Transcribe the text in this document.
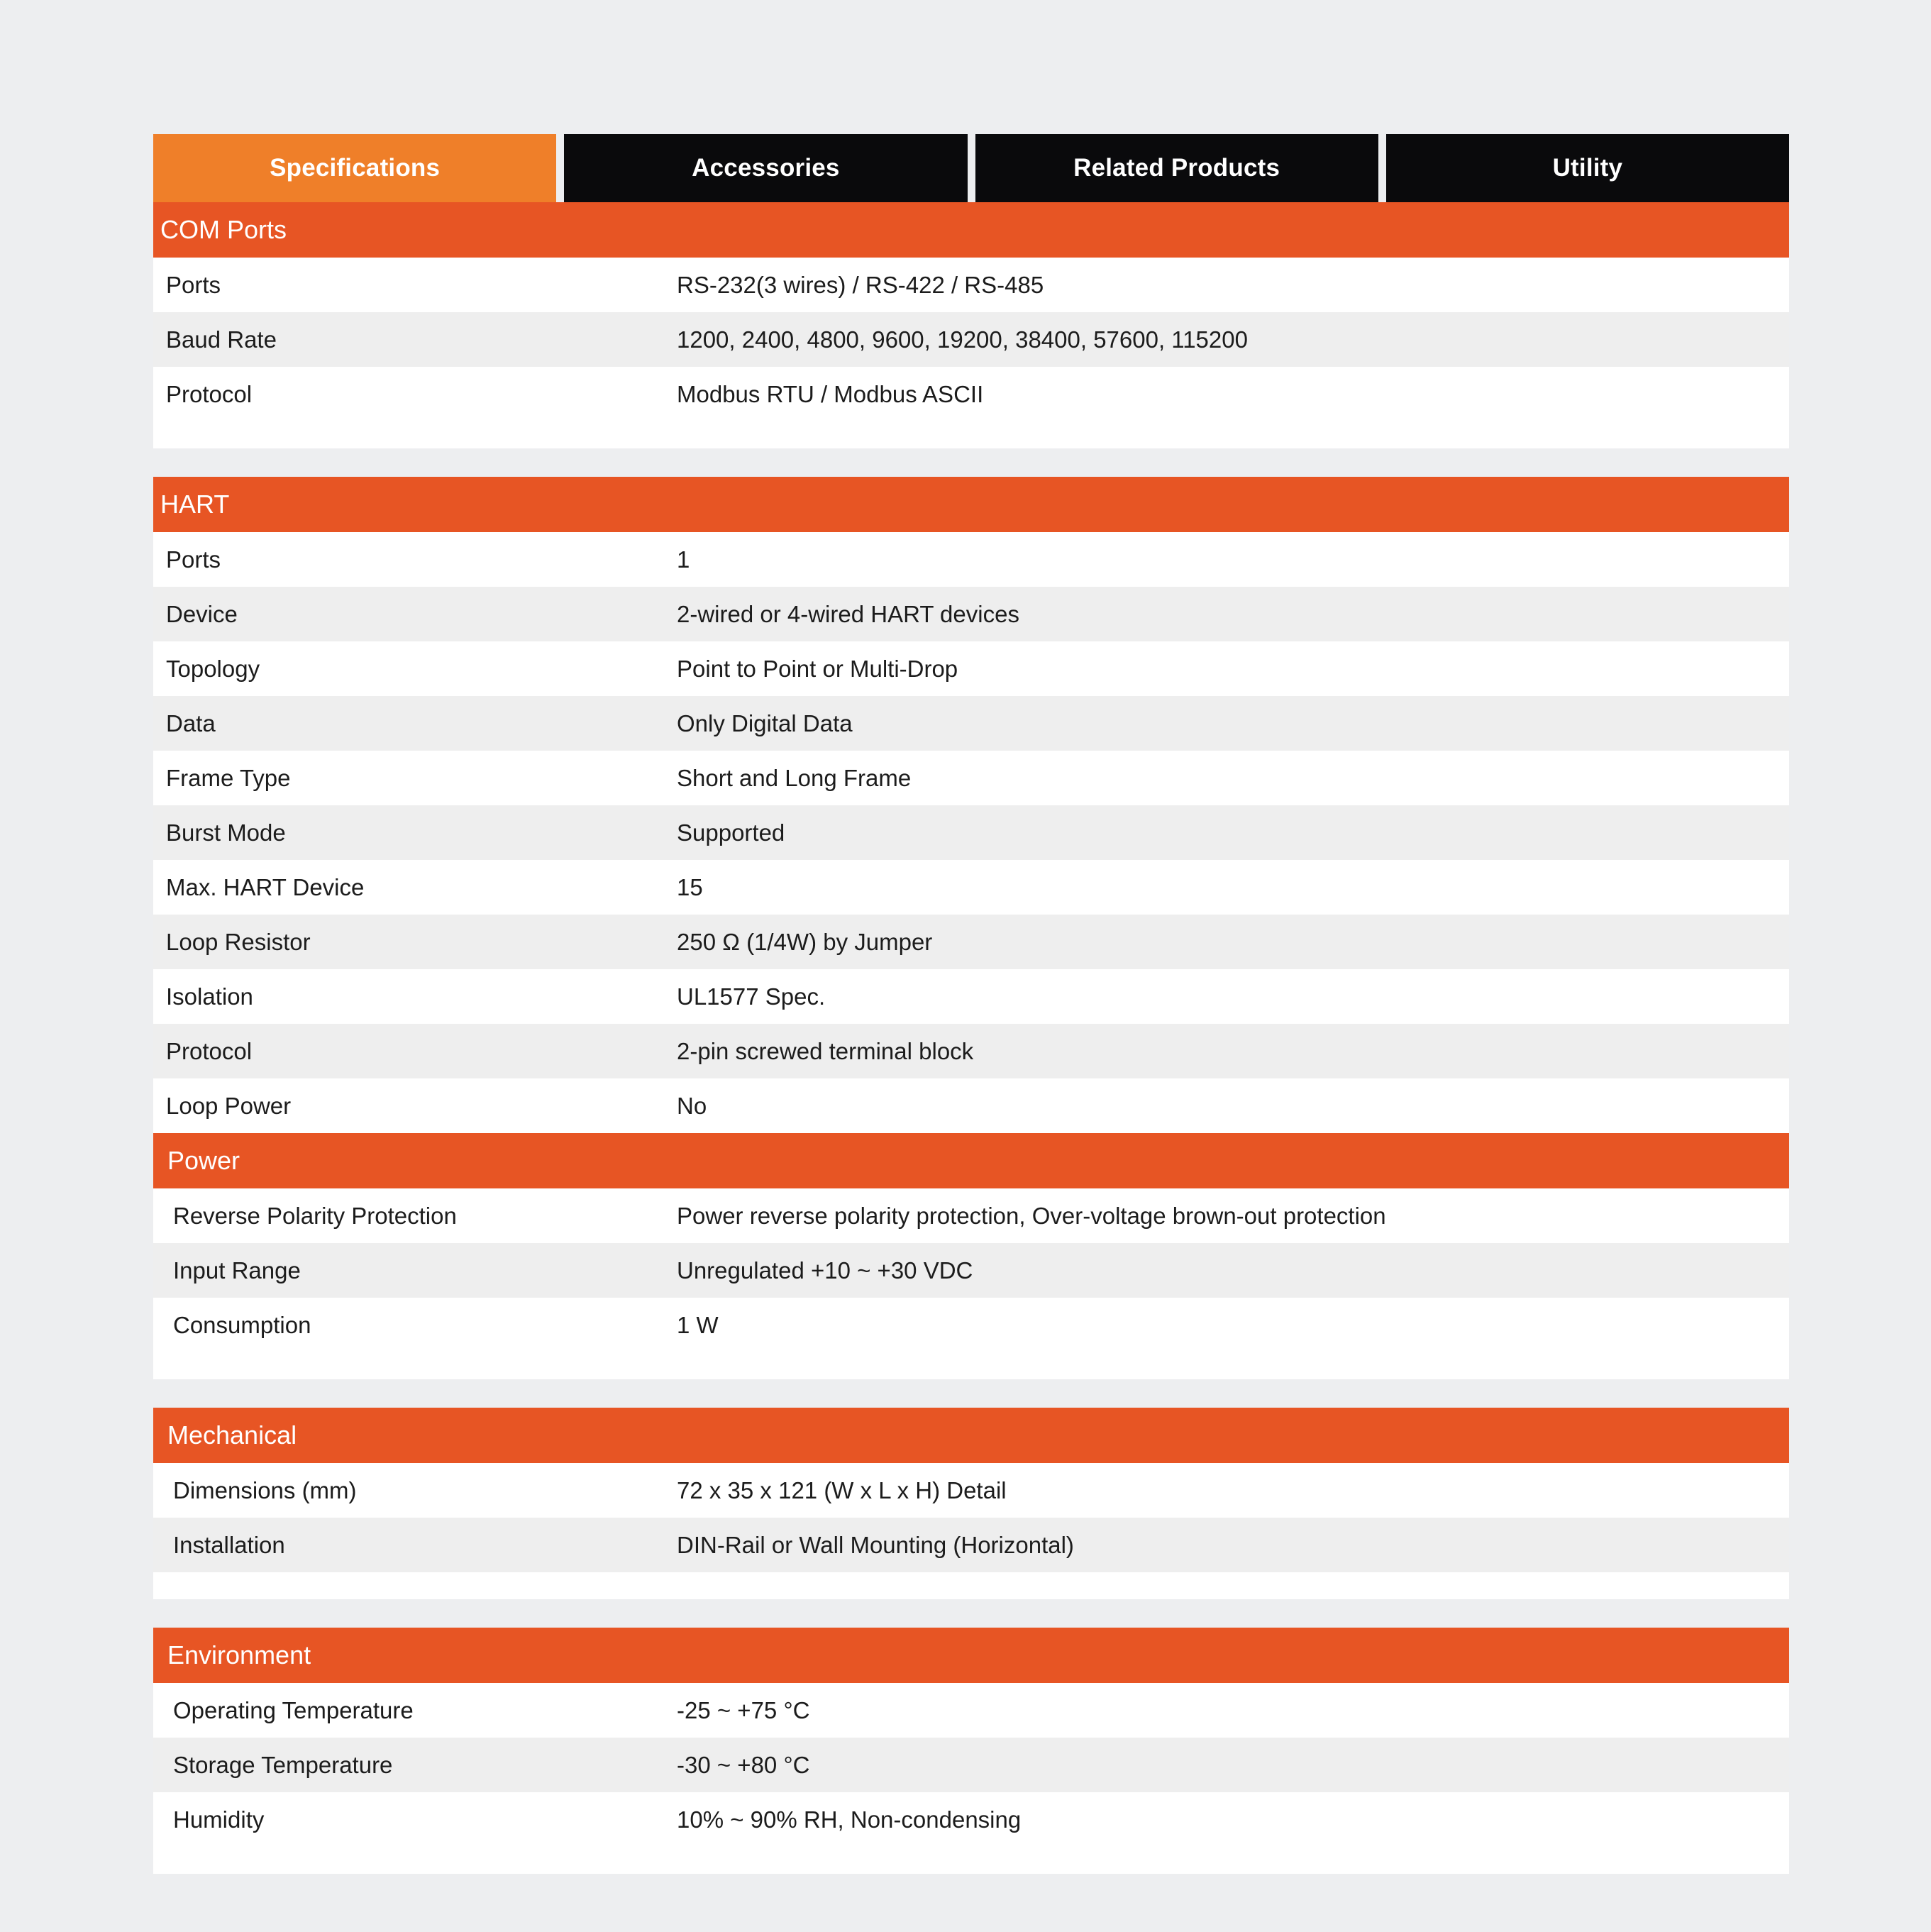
Specifications	Accessories	Related Products	Utility
COM Ports
Ports	RS-232(3 wires) / RS-422 / RS-485
Baud Rate	1200, 2400, 4800, 9600, 19200, 38400, 57600, 115200
Protocol	Modbus RTU / Modbus ASCII
HART
Ports	1
Device	2-wired or 4-wired HART devices
Topology	Point to Point or Multi-Drop
Data	Only Digital Data
Frame Type	Short and Long Frame
Burst Mode	Supported
Max. HART Device	15
Loop Resistor	250 Ω (1/4W) by Jumper
Isolation	UL1577 Spec.
Protocol	2-pin screwed terminal block
Loop Power	No
Power
Reverse Polarity Protection	Power reverse polarity protection, Over-voltage brown-out protection
Input Range	Unregulated +10 ~ +30 VDC
Consumption	1 W
Mechanical
Dimensions (mm)	72 x 35 x 121 (W x L x H) Detail
Installation	DIN-Rail or Wall Mounting (Horizontal)
Environment
Operating Temperature	-25 ~ +75 °C
Storage Temperature	-30 ~ +80 °C
Humidity	10% ~ 90% RH, Non-condensing
